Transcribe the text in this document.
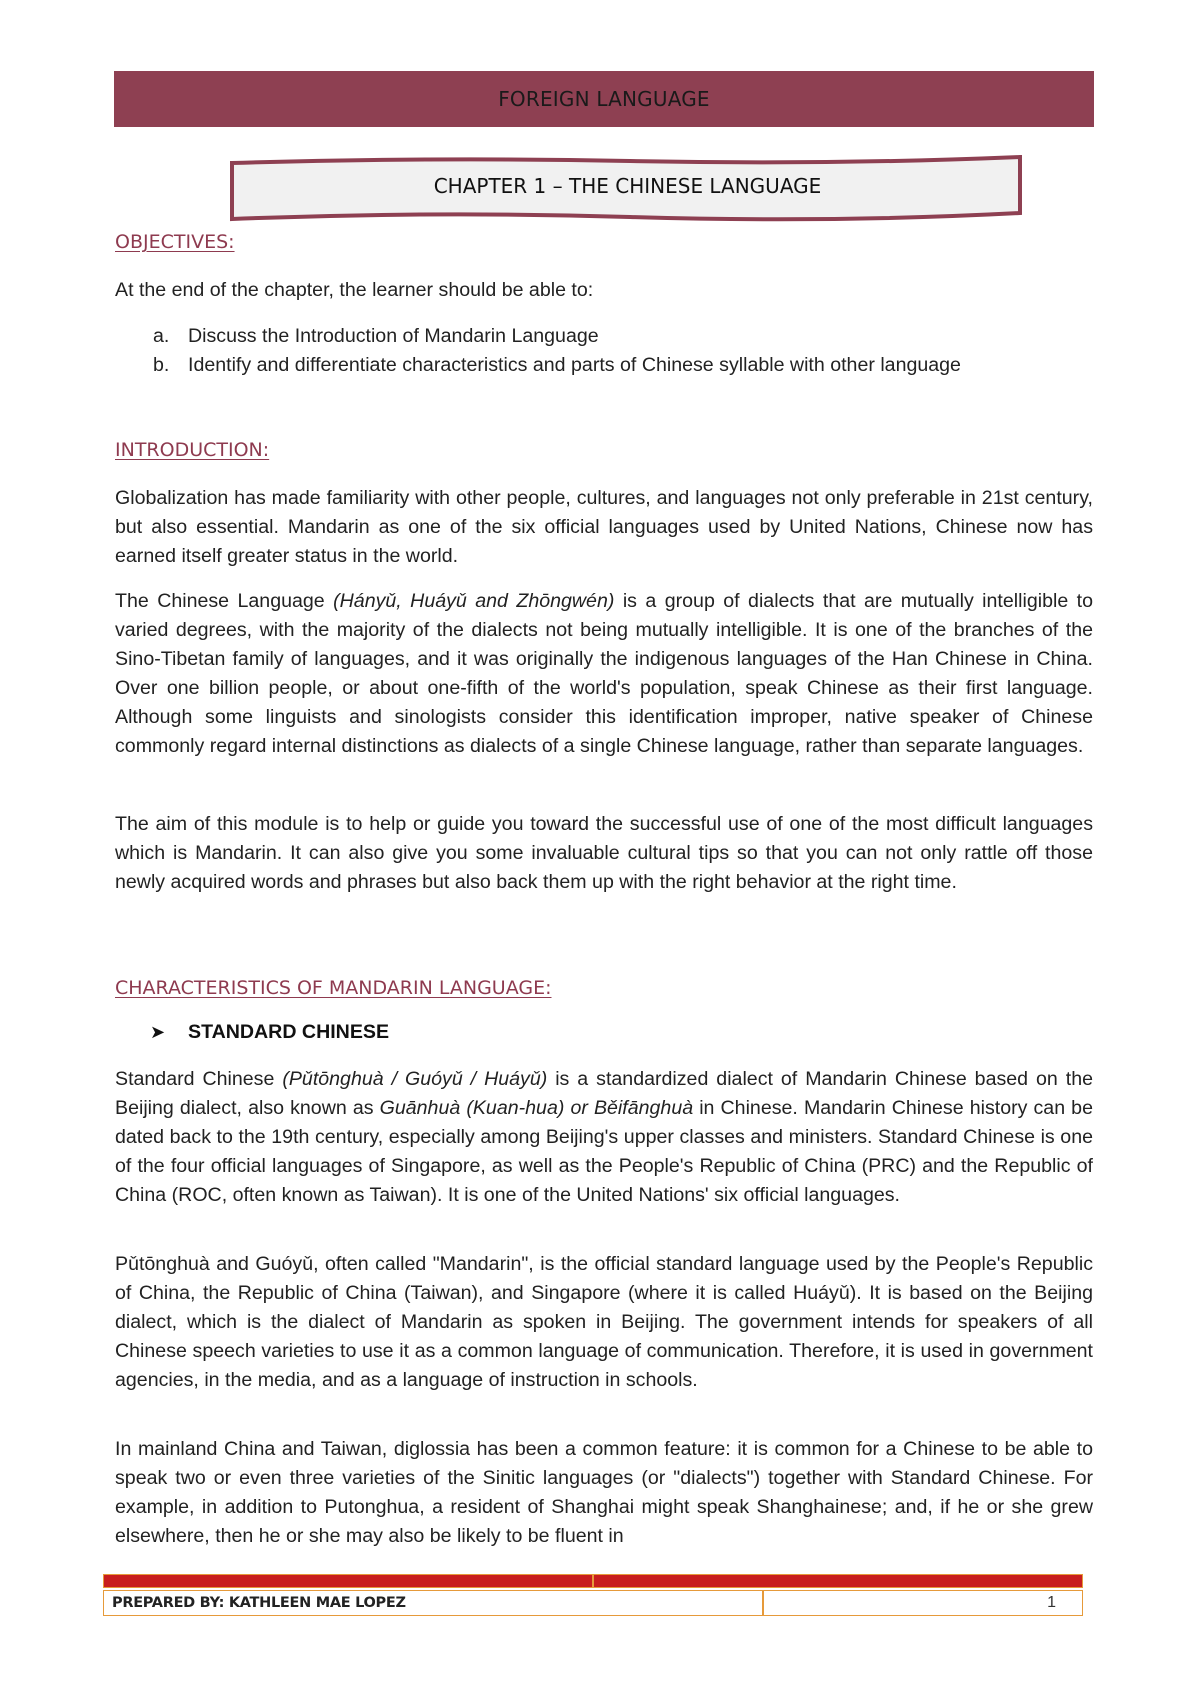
FOREIGN LANGUAGE
CHAPTER 1 – THE CHINESE LANGUAGE
OBJECTIVES:

At the end of the chapter, the learner should be able to:

a. Discuss the Introduction of Mandarin Language
b. Identify and differentiate characteristics and parts of Chinese syllable with other language
INTRODUCTION:

Globalization has made familiarity with other people, cultures, and languages not only preferable in 21st century, but also essential. Mandarin as one of the six official languages used by United Nations, Chinese now has earned itself greater status in the world.

The Chinese Language (Hányǔ, Huáyǔ and Zhōngwén) is a group of dialects that are mutually intelligible to varied degrees, with the majority of the dialects not being mutually intelligible. It is one of the branches of the Sino-Tibetan family of languages, and it was originally the indigenous languages of the Han Chinese in China. Over one billion people, or about one-fifth of the world's population, speak Chinese as their first language. Although some linguists and sinologists consider this identification improper, native speaker of Chinese commonly regard internal distinctions as dialects of a single Chinese language, rather than separate languages.

The aim of this module is to help or guide you toward the successful use of one of the most difficult languages which is Mandarin. It can also give you some invaluable cultural tips so that you can not only rattle off those newly acquired words and phrases but also back them up with the right behavior at the right time.

CHARACTERISTICS OF MANDARIN LANGUAGE:
➤	STANDARD CHINESE

Standard Chinese (Pǔtōnghuà / Guóyǔ / Huáyǔ) is a standardized dialect of Mandarin Chinese based on the Beijing dialect, also known as Guānhuà (Kuan-hua) or Běifānghuà in Chinese. Mandarin Chinese history can be dated back to the 19th century, especially among Beijing's upper classes and ministers. Standard Chinese is one of the four official languages of Singapore, as well as the People's Republic of China (PRC) and the Republic of China (ROC, often known as Taiwan). It is one of the United Nations' six official languages.

Pǔtōnghuà and Guóyǔ, often called "Mandarin", is the official standard language used by the People's Republic of China, the Republic of China (Taiwan), and Singapore (where it is called Huáyǔ). It is based on the Beijing dialect, which is the dialect of Mandarin as spoken in Beijing. The government intends for speakers of all Chinese speech varieties to use it as a common language of communication. Therefore, it is used in government agencies, in the media, and as a language of instruction in schools.

In mainland China and Taiwan, diglossia has been a common feature: it is common for a Chinese to be able to speak two or even three varieties of the Sinitic languages (or "dialects") together with Standard Chinese. For example, in addition to Putonghua, a resident of Shanghai might speak Shanghainese; and, if he or she grew elsewhere, then he or she may also be likely to be fluent in

PREPARED BY: KATHLEEN MAE LOPEZ	1
